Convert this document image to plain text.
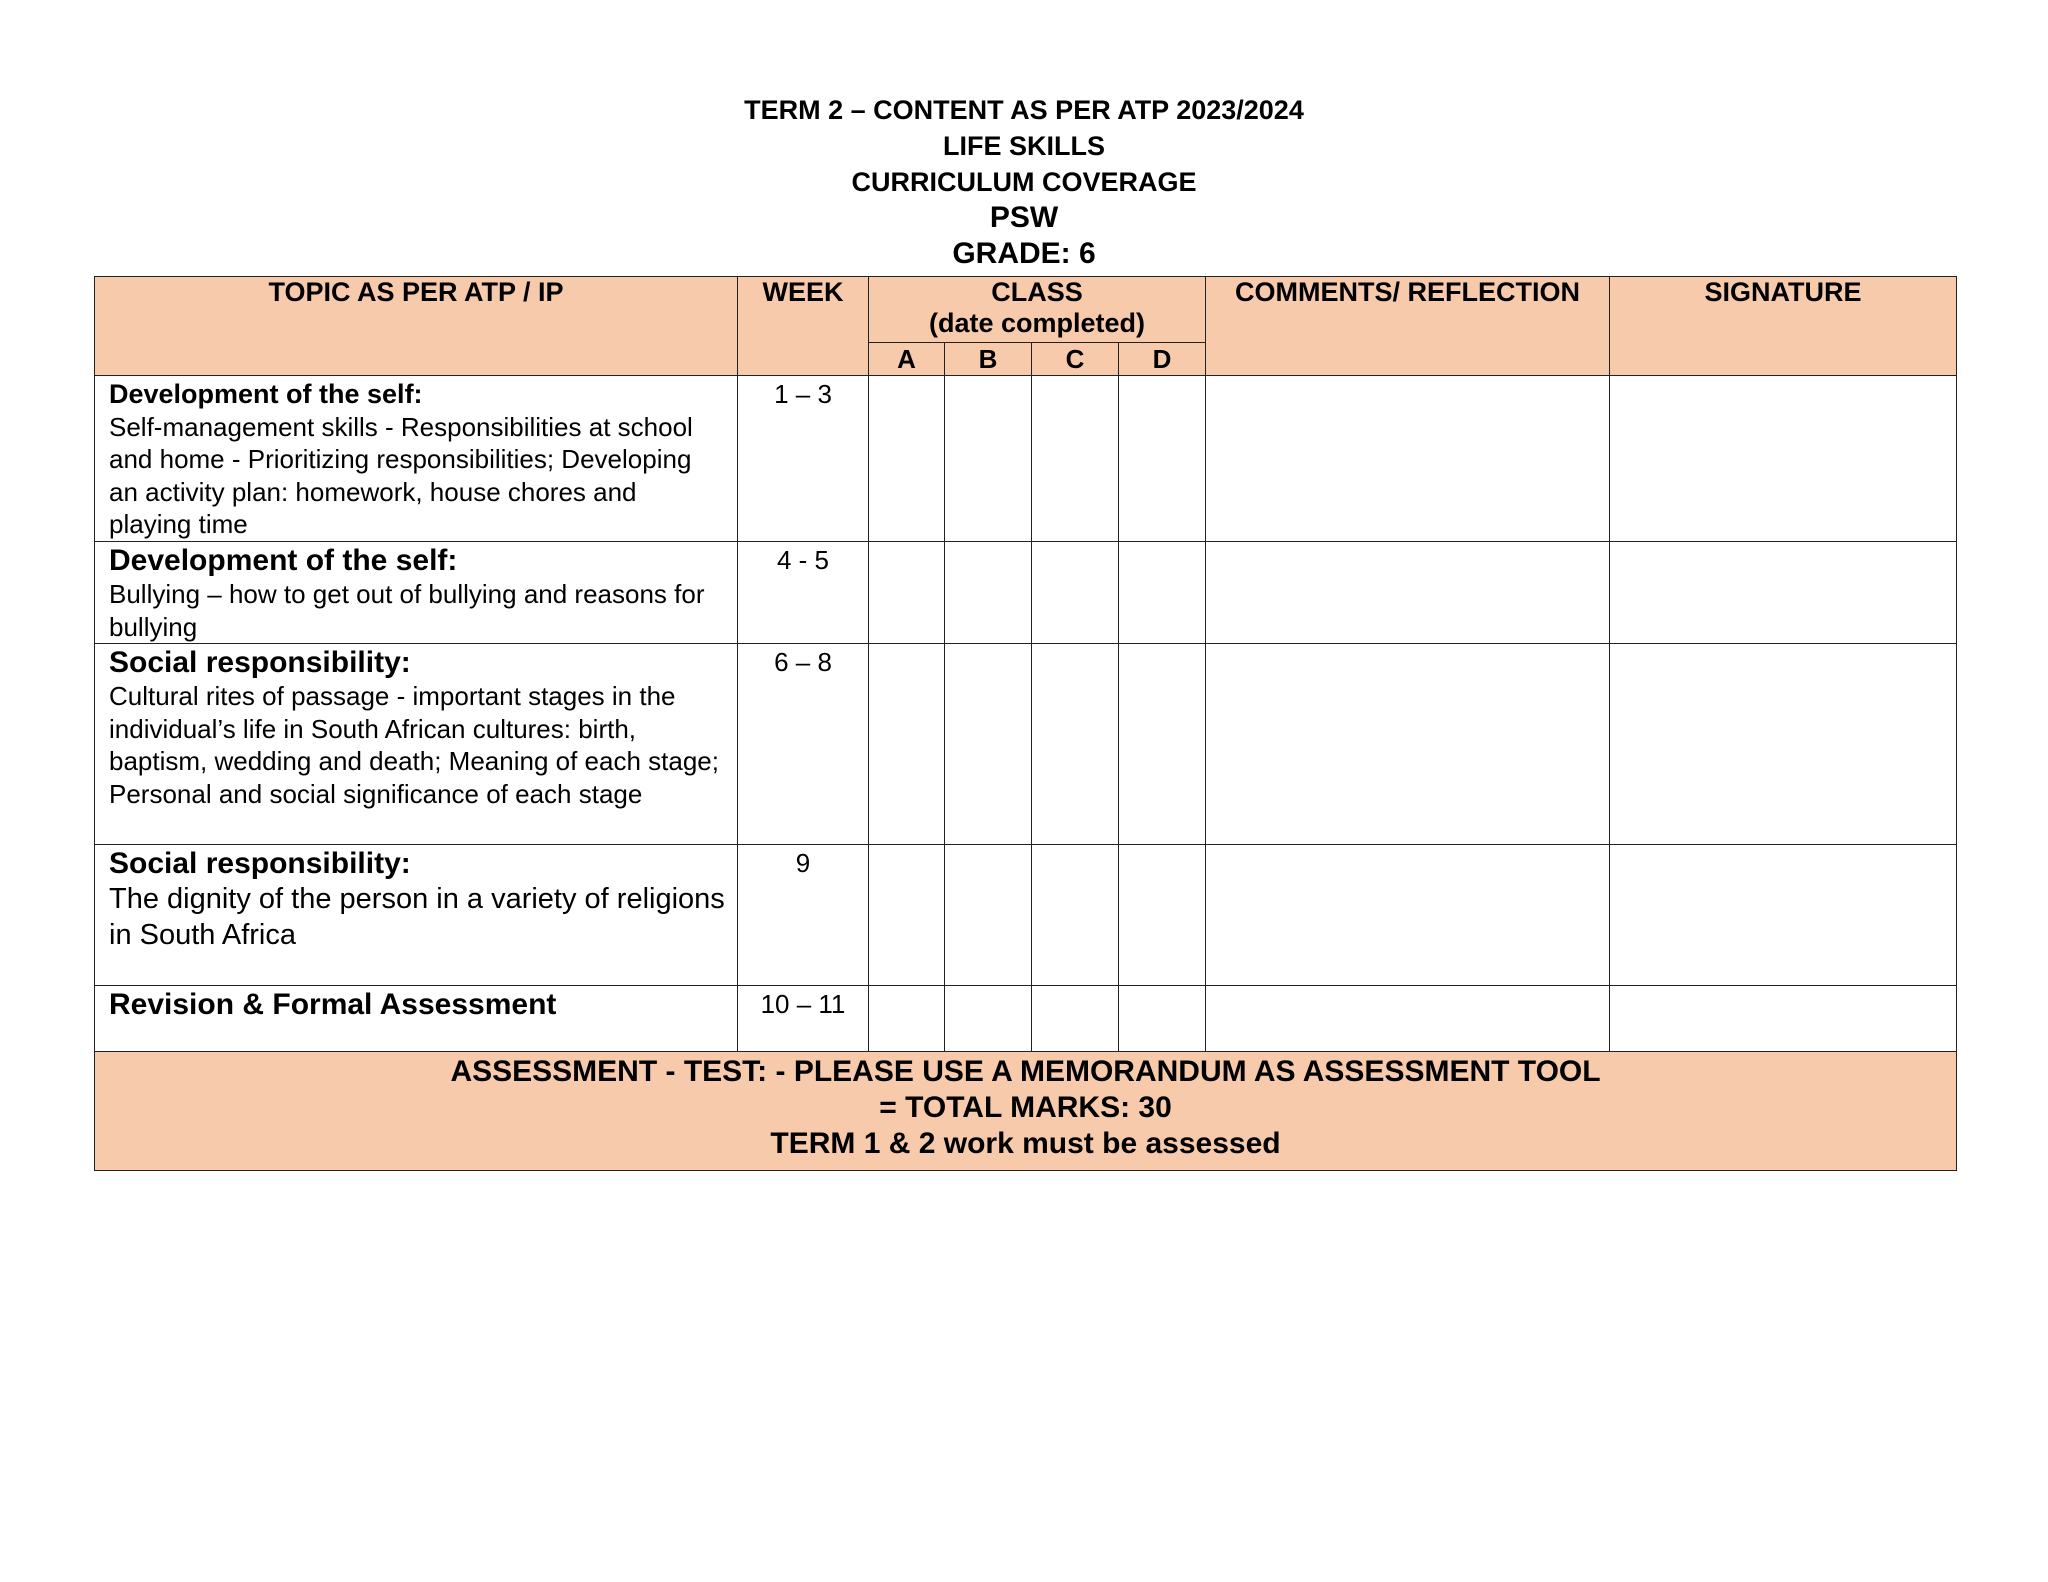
TERM 2 – CONTENT AS PER ATP 2023/2024
LIFE SKILLS
CURRICULUM COVERAGE
PSW
GRADE: 6
TOPIC AS PER ATP / IP	WEEK	CLASS
(date completed)				COMMENTS/ REFLECTION	SIGNATURE
		A	B	C	D		

Development of the self:
Self-management skills - Responsibilities at school and home - Prioritizing responsibilities; Developing an activity plan: homework, house chores and playing time	1 – 3						

Development of the self:
Bullying – how to get out of bullying and reasons for bullying	4 - 5						

Social responsibility:
Cultural rites of passage - important stages in the individual’s life in South African cultures: birth, baptism, wedding and death; Meaning of each stage; Personal and social significance of each stage	6 – 8						

Social responsibility:
The dignity of the person in a variety of religions in South Africa	9						

Revision & Formal Assessment	10 – 11						

ASSESSMENT - TEST: - PLEASE USE A MEMORANDUM AS ASSESSMENT TOOL
= TOTAL MARKS: 30
TERM 1 & 2 work must be assessed							
